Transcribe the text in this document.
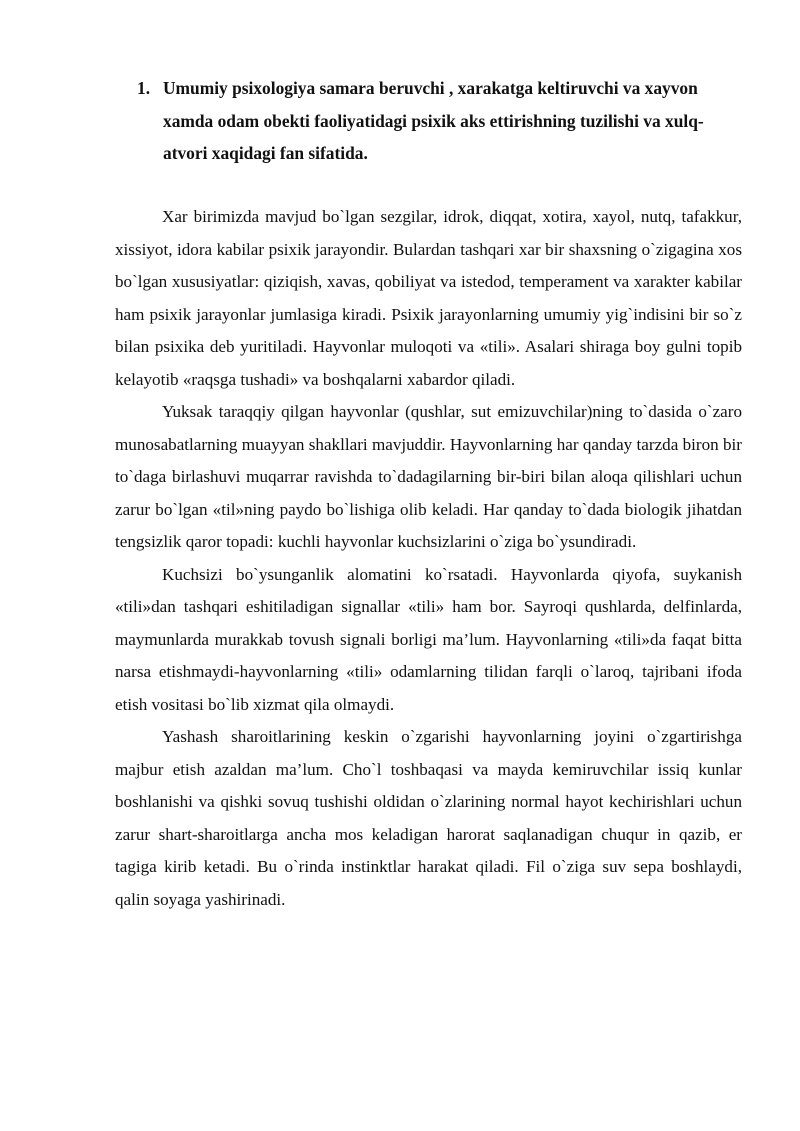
1. Umumiy psixologiya samara beruvchi , xarakatga keltiruvchi va xayvon xamda odam obekti faoliyatidagi psixik aks ettirishning tuzilishi va xulq-atvori xaqidagi fan sifatida.

Xar birimizda mavjud bo`lgan sezgilar, idrok, diqqat, xotira, xayol, nutq, tafakkur, xissiyot, idora kabilar psixik jarayondir. Bulardan tashqari xar bir shaxsning o`zigagina xos bo`lgan xususiyatlar: qiziqish, xavas, qobiliyat va istedod, temperament va xarakter kabilar ham psixik jarayonlar jumlasiga kiradi. Psixik jarayonlarning umumiy yig`indisini bir so`z bilan psixika deb yuritiladi. Hayvonlar muloqoti va «tili». Asalari shiraga boy gulni topib kelayotib «raqsga tushadi» va boshqalarni xabardor qiladi.

Yuksak taraqqiy qilgan hayvonlar (qushlar, sut emizuvchilar)ning to`dasida o`zaro munosabatlarning muayyan shakllari mavjuddir. Hayvonlarning har qanday tarzda biron bir to`daga birlashuvi muqarrar ravishda to`dadagilarning bir-biri bilan aloqa qilishlari uchun zarur bo`lgan «til»ning paydo bo`lishiga olib keladi. Har qanday to`dada biologik jihatdan tengsizlik qaror topadi: kuchli hayvonlar kuchsizlarini o`ziga bo`ysundiradi.

Kuchsizi bo`ysunganlik alomatini ko`rsatadi. Hayvonlarda qiyofa, suykanish «tili»dan tashqari eshitiladigan signallar «tili» ham bor. Sayroqi qushlarda, delfinlarda, maymunlarda murakkab tovush signali borligi ma’lum. Hayvonlarning «tili»da faqat bitta narsa etishmaydi-hayvonlarning «tili» odamlarning tilidan farqli o`laroq, tajribani ifoda etish vositasi bo`lib xizmat qila olmaydi.

Yashash sharoitlarining keskin o`zgarishi hayvonlarning joyini o`zgartirishga majbur etish azaldan ma’lum. Cho`l toshbaqasi va mayda kemiruvchilar issiq kunlar boshlanishi va qishki sovuq tushishi oldidan o`zlarining normal hayot kechirishlari uchun zarur shart-sharoitlarga ancha mos keladigan harorat saqlanadigan chuqur in qazib, er tagiga kirib ketadi. Bu o`rinda instinktlar harakat qiladi. Fil o`ziga suv sepa boshlaydi, qalin soyaga yashirinadi.
